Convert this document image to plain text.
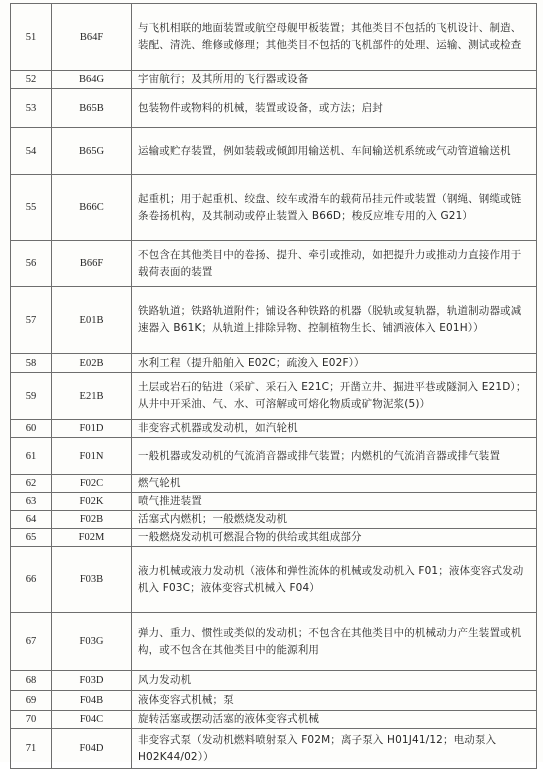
51	B64F	与飞机相联的地面装置或航空母舰甲板装置；其他类目不包括的飞机设计、制造、装配、清洗、维修或修理；其他类目不包括的飞机部件的处理、运输、测试或检查
52	B64G	宇宙航行；及其所用的飞行器或设备
53	B65B	包装物件或物料的机械，装置或设备，或方法；启封
54	B65G	运输或贮存装置，例如装载或倾卸用输送机、车间输送机系统或气动管道输送机
55	B66C	起重机；用于起重机、绞盘、绞车或滑车的载荷吊挂元件或装置（钢绳、钢缆或链条卷扬机构，及其制动或停止装置入 B66D；梭反应堆专用的入 G21）
56	B66F	不包含在其他类目中的卷扬、提升、牵引或推动，如把提升力或推动力直接作用于载荷表面的装置
57	E01B	铁路轨道；铁路轨道附件；铺设各种铁路的机器（脱轨或复轨器，轨道制动器或减速器入 B61K；从轨道上排除异物、控制植物生长、铺洒液体入 E01H））
58	E02B	水利工程（提升船舶入 E02C；疏浚入 E02F））
59	E21B	土层或岩石的钻进（采矿、采石入 E21C；开凿立井、掘进平巷或隧洞入 E21D）；从井中开采油、气、水、可溶解或可熔化物质或矿物泥浆(5)）
60	F01D	非变容式机器或发动机，如汽轮机
61	F01N	一般机器或发动机的气流消音器或排气装置；内燃机的气流消音器或排气装置
62	F02C	燃气轮机
63	F02K	喷气推进装置
64	F02B	活塞式内燃机；一般燃烧发动机
65	F02M	一般燃烧发动机可燃混合物的供给或其组成部分
66	F03B	液力机械或液力发动机（液体和弹性流体的机械或发动机入 F01；液体变容式发动机入 F03C；液体变容式机械入 F04）
67	F03G	弹力、重力、惯性或类似的发动机；不包含在其他类目中的机械动力产生装置或机构，或不包含在其他类目中的能源利用
68	F03D	风力发动机
69	F04B	液体变容式机械；泵
70	F04C	旋转活塞或摆动活塞的液体变容式机械
71	F04D	非变容式泵（发动机燃料喷射泵入 F02M；离子泵入 H01J41/12；电动泵入 H02K44/02））
